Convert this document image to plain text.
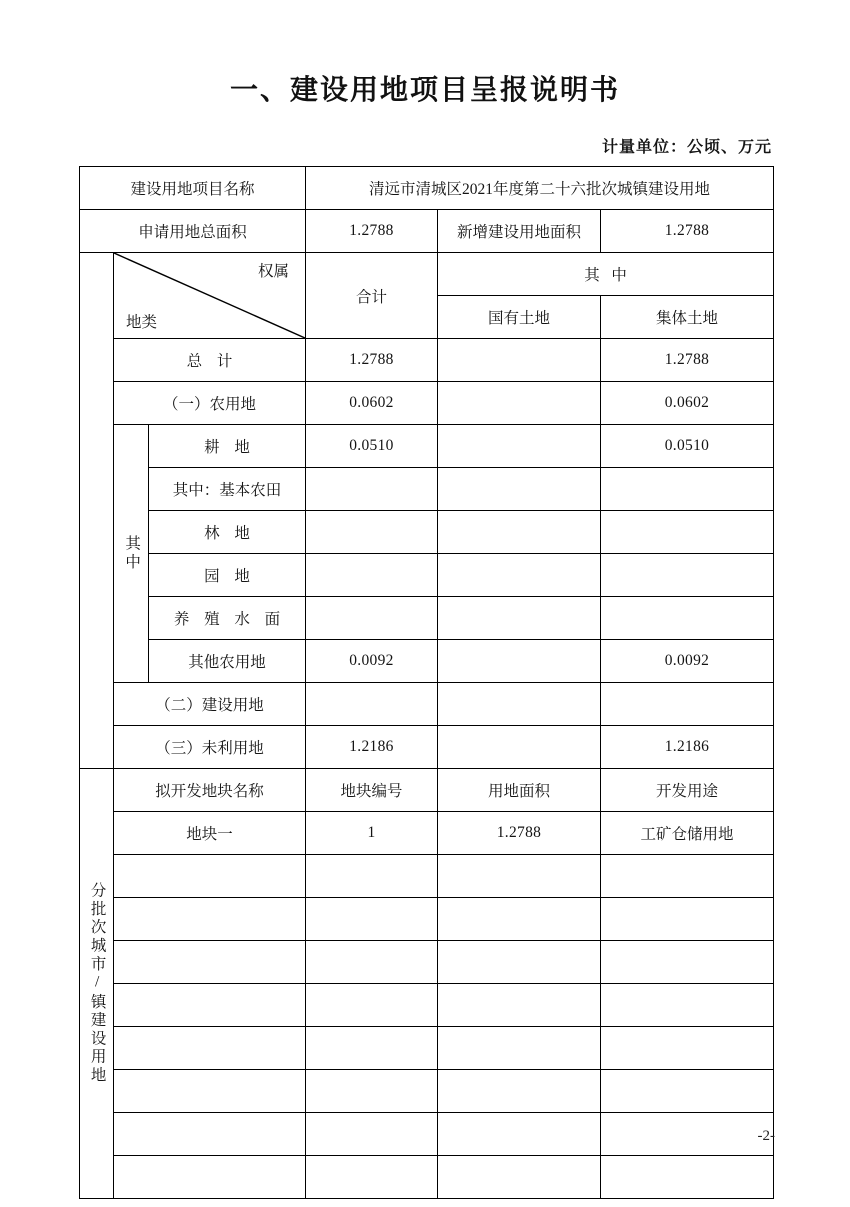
一、建设用地项目呈报说明书
计量单位：公顷、万元
建设用地项目名称			清远市清城区2021年度第二十六批次城镇建设用地		
申请用地总面积			1.2788	新增建设用地面积	1.2788

	权属
地类		合计	其 中	
				国有土地	集体土地
	总 计		1.2788		1.2788
	（一）农用地		0.0602		0.0602

	其中	耕 地	0.0510		0.0510
		其中：基本农田			
		林 地			
		园 地			
		养 殖 水 面			
		其他农用地	0.0092		0.0092
	（二）建设用地				
	（三）未利用地		1.2186		1.2186

分批次城市/镇建设用地	拟开发地块名称		地块编号	用地面积	开发用途
	地块一		1	1.2788	工矿仓储用地

-2-
